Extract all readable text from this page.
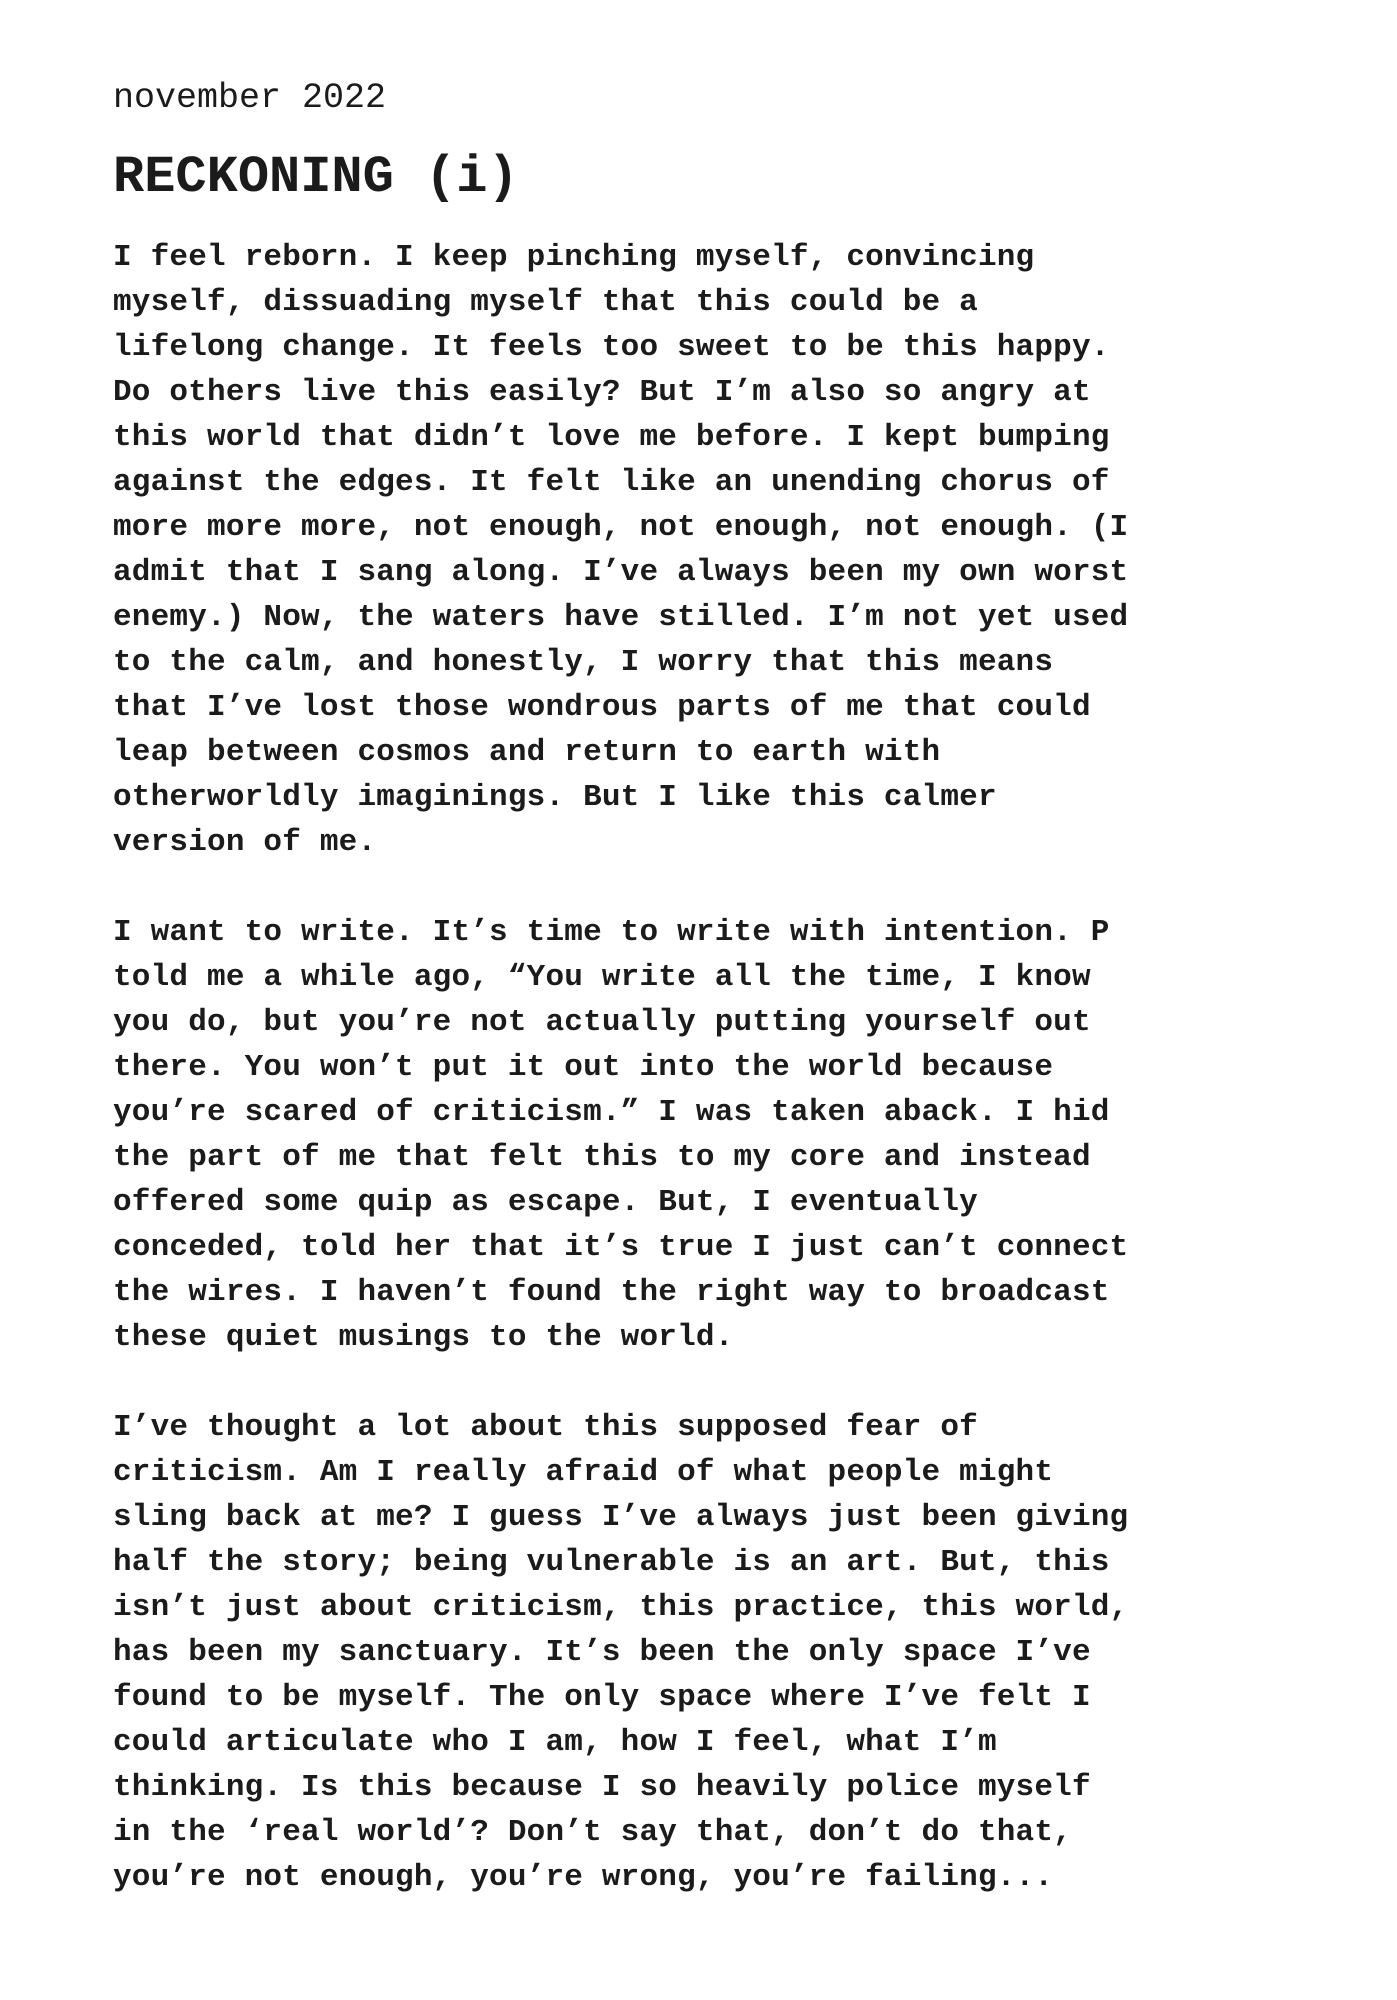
november 2022
RECKONING (i)
I feel reborn. I keep pinching myself, convincing
myself, dissuading myself that this could be a
lifelong change. It feels too sweet to be this happy.
Do others live this easily? But I’m also so angry at
this world that didn’t love me before. I kept bumping
against the edges. It felt like an unending chorus of
more more more, not enough, not enough, not enough. (I
admit that I sang along. I’ve always been my own worst
enemy.) Now, the waters have stilled. I’m not yet used
to the calm, and honestly, I worry that this means
that I’ve lost those wondrous parts of me that could
leap between cosmos and return to earth with
otherworldly imaginings. But I like this calmer
version of me.
I want to write. It’s time to write with intention. P
told me a while ago, “You write all the time, I know
you do, but you’re not actually putting yourself out
there. You won’t put it out into the world because
you’re scared of criticism.” I was taken aback. I hid
the part of me that felt this to my core and instead
offered some quip as escape. But, I eventually
conceded, told her that it’s true I just can’t connect
the wires. I haven’t found the right way to broadcast
these quiet musings to the world.
I’ve thought a lot about this supposed fear of
criticism. Am I really afraid of what people might
sling back at me? I guess I’ve always just been giving
half the story; being vulnerable is an art. But, this
isn’t just about criticism, this practice, this world,
has been my sanctuary. It’s been the only space I’ve
found to be myself. The only space where I’ve felt I
could articulate who I am, how I feel, what I’m
thinking. Is this because I so heavily police myself
in the ‘real world’? Don’t say that, don’t do that,
you’re not enough, you’re wrong, you’re failing...
